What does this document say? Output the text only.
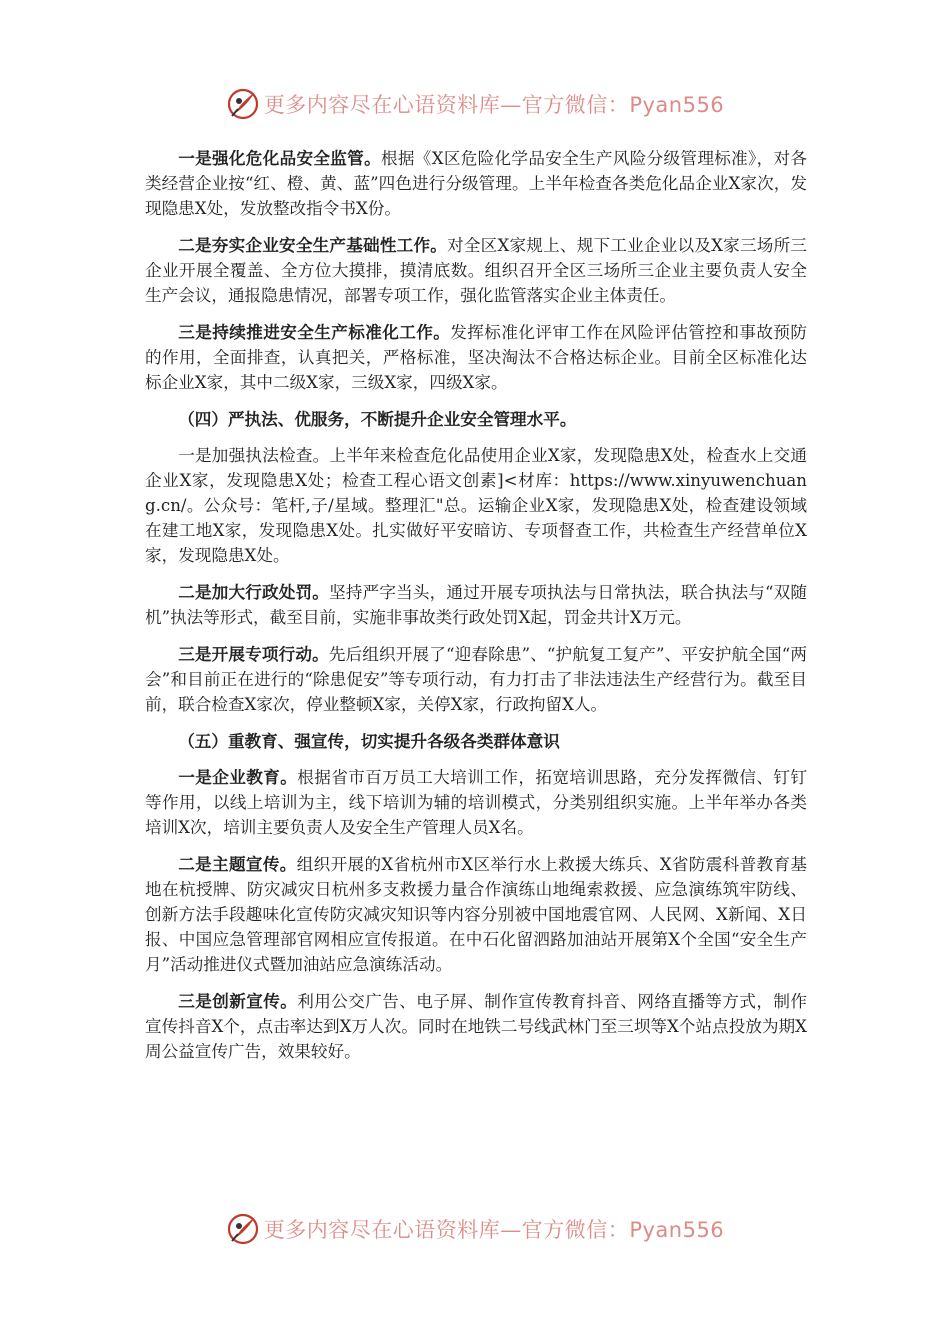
更多内容尽在心语资料库—官方微信：Pyan556

一是强化危化品安全监管。根据《X区危险化学品安全生产风险分级管理标准》，对各类经营企业按“红、橙、黄、蓝”四色进行分级管理。上半年检查各类危化品企业X家次，发现隐患X处，发放整改指令书X份。

二是夯实企业安全生产基础性工作。对全区X家规上、规下工业企业以及X家三场所三企业开展全覆盖、全方位大摸排，摸清底数。组织召开全区三场所三企业主要负责人安全生产会议，通报隐患情况，部署专项工作，强化监管落实企业主体责任。

三是持续推进安全生产标准化工作。发挥标准化评审工作在风险评估管控和事故预防的作用，全面排查，认真把关，严格标准，坚决淘汰不合格达标企业。目前全区标准化达标企业X家，其中二级X家，三级X家，四级X家。

（四）严执法、优服务，不断提升企业安全管理水平。

一是加强执法检查。上半年来检查危化品使用企业X家，发现隐患X处，检查水上交通企业X家，发现隐患X处；检查工程心语文创素]<材库：https://www.xinyuwenchuang.cn/。公众号：笔杆,子/星域。整理汇"总。运输企业X家，发现隐患X处，检查建设领域在建工地X家，发现隐患X处。扎实做好平安暗访、专项督查工作，共检查生产经营单位X家，发现隐患X处。

二是加大行政处罚。坚持严字当头，通过开展专项执法与日常执法，联合执法与“双随机”执法等形式，截至目前，实施非事故类行政处罚X起，罚金共计X万元。

三是开展专项行动。先后组织开展了“迎春除患”、“护航复工复产”、平安护航全国“两会”和目前正在进行的“除患促安”等专项行动，有力打击了非法违法生产经营行为。截至目前，联合检查X家次，停业整顿X家，关停X家，行政拘留X人。

（五）重教育、强宣传，切实提升各级各类群体意识

一是企业教育。根据省市百万员工大培训工作，拓宽培训思路，充分发挥微信、钉钉等作用，以线上培训为主，线下培训为辅的培训模式，分类别组织实施。上半年举办各类培训X次，培训主要负责人及安全生产管理人员X名。

二是主题宣传。组织开展的X省杭州市X区举行水上救援大练兵、X省防震科普教育基地在杭授牌、防灾减灾日杭州多支救援力量合作演练山地绳索救援、应急演练筑牢防线、创新方法手段趣味化宣传防灾减灾知识等内容分别被中国地震官网、人民网、X新闻、X日报、中国应急管理部官网相应宣传报道。在中石化留泗路加油站开展第X个全国“安全生产月”活动推进仪式暨加油站应急演练活动。

三是创新宣传。利用公交广告、电子屏、制作宣传教育抖音、网络直播等方式，制作宣传抖音X个，点击率达到X万人次。同时在地铁二号线武林门至三坝等X个站点投放为期X周公益宣传广告，效果较好。

更多内容尽在心语资料库—官方微信：Pyan556
